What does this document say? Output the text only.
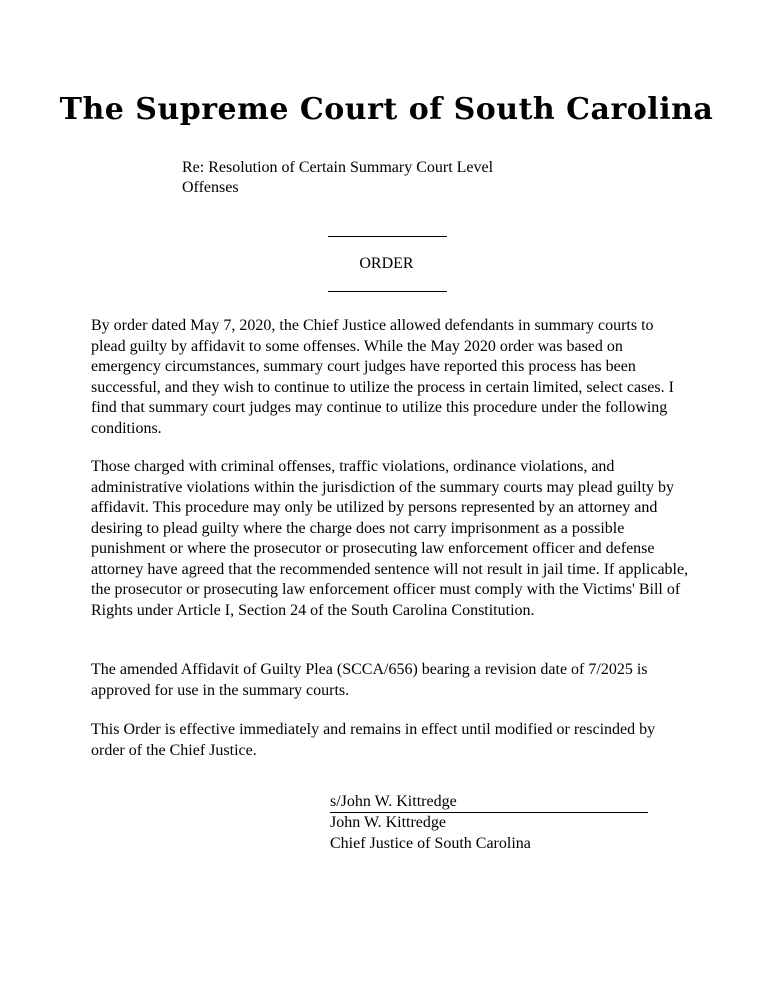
The Supreme Court of South Carolina
Re: Resolution of Certain Summary Court Level
Offenses
ORDER

By order dated May 7, 2020, the Chief Justice allowed defendants in summary courts to plead guilty by affidavit to some offenses. While the May 2020 order was based on emergency circumstances, summary court judges have reported this process has been successful, and they wish to continue to utilize the process in certain limited, select cases. I find that summary court judges may continue to utilize this procedure under the following conditions.

Those charged with criminal offenses, traffic violations, ordinance violations, and administrative violations within the jurisdiction of the summary courts may plead guilty by affidavit. This procedure may only be utilized by persons represented by an attorney and desiring to plead guilty where the charge does not carry imprisonment as a possible punishment or where the prosecutor or prosecuting law enforcement officer and defense attorney have agreed that the recommended sentence will not result in jail time. If applicable, the prosecutor or prosecuting law enforcement officer must comply with the Victims' Bill of Rights under Article I, Section 24 of the South Carolina Constitution.

The amended Affidavit of Guilty Plea (SCCA/656) bearing a revision date of 7/2025 is approved for use in the summary courts.

This Order is effective immediately and remains in effect until modified or rescinded by order of the Chief Justice.

s/John W. Kittredge
John W. Kittredge
Chief Justice of South Carolina
